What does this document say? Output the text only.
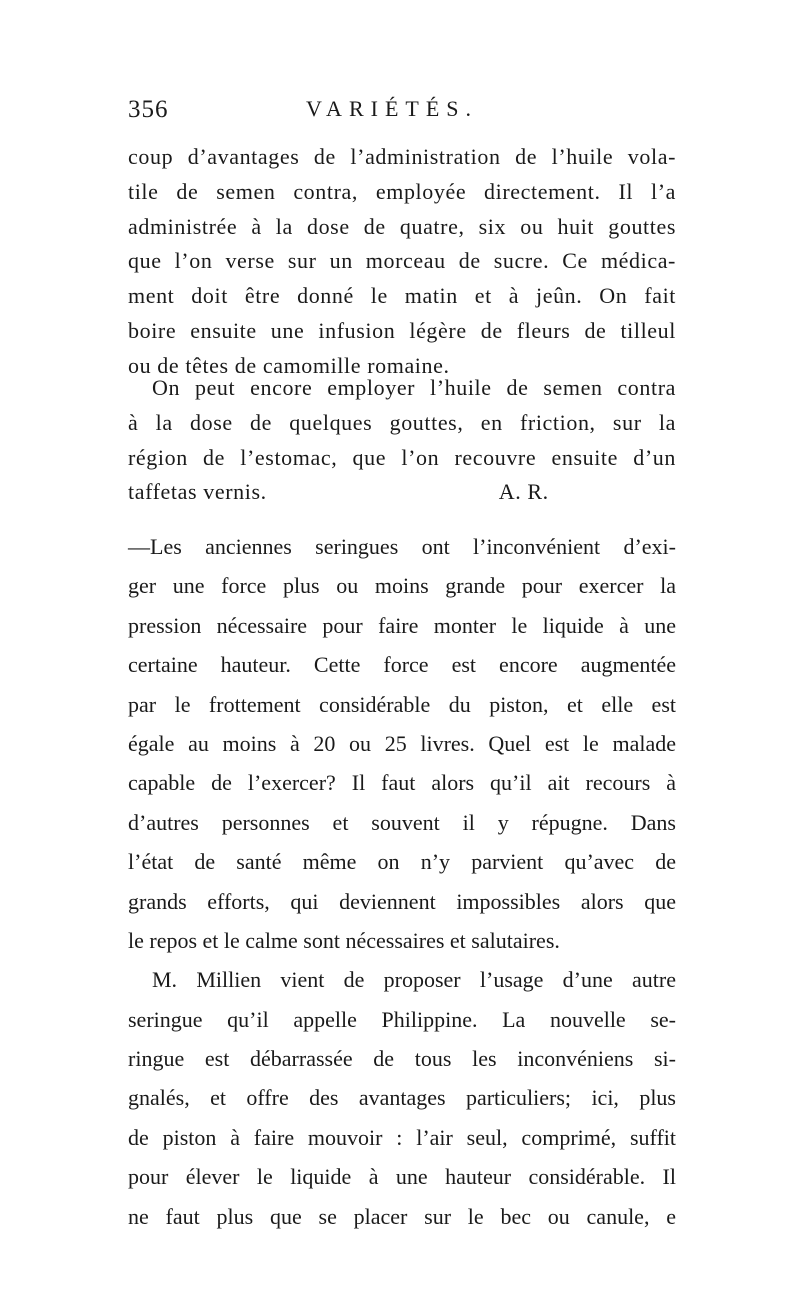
356	VARIÉTÉS.
coup d’avantages de l’administration de l’huile vola-
tile de semen contra, employée directement. Il l’a
administrée à la dose de quatre, six ou huit gouttes
que l’on verse sur un morceau de sucre. Ce médica-
ment doit être donné le matin et à jeûn. On fait
boire ensuite une infusion légère de fleurs de tilleul
ou de têtes de camomille romaine.
On peut encore employer l’huile de semen contra
à la dose de quelques gouttes, en friction, sur la
région de l’estomac, que l’on recouvre ensuite d’un
taffetas vernis.	A. R.
—Les anciennes seringues ont l’inconvénient d’exi-
ger une force plus ou moins grande pour exercer la
pression nécessaire pour faire monter le liquide à une
certaine hauteur. Cette force est encore augmentée
par le frottement considérable du piston, et elle est
égale au moins à 20 ou 25 livres. Quel est le malade
capable de l’exercer? Il faut alors qu’il ait recours à
d’autres personnes et souvent il y répugne. Dans
l’état de santé même on n’y parvient qu’avec de
grands efforts, qui deviennent impossibles alors que
le repos et le calme sont nécessaires et salutaires.
M. Millien vient de proposer l’usage d’une autre
seringue qu’il appelle Philippine. La nouvelle se-
ringue est débarrassée de tous les inconvéniens si-
gnalés, et offre des avantages particuliers; ici, plus
de piston à faire mouvoir : l’air seul, comprimé, suffit
pour élever le liquide à une hauteur considérable. Il
ne faut plus que se placer sur le bec ou canule, e
